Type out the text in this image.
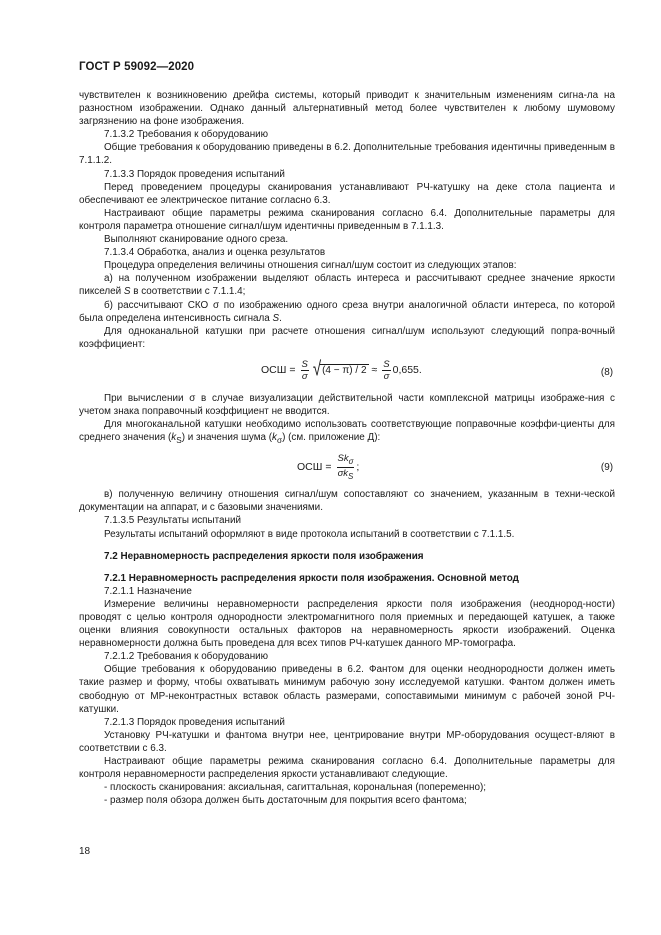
ГОСТ Р 59092—2020

чувствителен к возникновению дрейфа системы, который приводит к значительным изменениям сигна-ла на разностном изображении. Однако данный альтернативный метод более чувствителен к любому шумовому загрязнению на фоне изображения.

7.1.3.2 Требования к оборудованию

Общие требования к оборудованию приведены в 6.2. Дополнительные требования идентичны приведенным в 7.1.1.2.

7.1.3.3 Порядок проведения испытаний

Перед проведением процедуры сканирования устанавливают РЧ-катушку на деке стола пациента и обеспечивают ее электрическое питание согласно 6.3.

Настраивают общие параметры режима сканирования согласно 6.4. Дополнительные параметры для контроля параметра отношение сигнал/шум идентичны приведенным в 7.1.1.3.

Выполняют сканирование одного среза.

7.1.3.4 Обработка, анализ и оценка результатов

Процедура определения величины отношения сигнал/шум состоит из следующих этапов:

а) на полученном изображении выделяют область интереса и рассчитывают среднее значение яркости пикселей S в соответствии с 7.1.1.4;

б) рассчитывают СКО σ по изображению одного среза внутри аналогичной области интереса, по которой была определена интенсивность сигнала S.

Для одноканальной катушки при расчете отношения сигнал/шум используют следующий попра-вочный коэффициент:

ОСШ = $\frac{S}{\sigma}$ √ $(4 - \pi) / 2 \approx \frac{S}{\sigma} 0,655$.	(8)

При вычислении σ в случае визуализации действительной части комплексной матрицы изображе-ния с учетом знака поправочный коэффициент не вводится.

Для многоканальной катушки необходимо использовать соответствующие поправочные коэффи-циенты для среднего значения $(k_S)$ и значения шума $(k_\sigma)$ (см. приложение Д):

ОСШ = $\frac{Sk_\sigma}{\sigma k_S}$ ;	(9)

в) полученную величину отношения сигнал/шум сопоставляют со значением, указанным в техни-ческой документации на аппарат, и с базовыми значениями.

7.1.3.5 Результаты испытаний

Результаты испытаний оформляют в виде протокола испытаний в соответствии с 7.1.1.5.

7.2 Неравномерность распределения яркости поля изображения

7.2.1 Неравномерность распределения яркости поля изображения. Основной метод

7.2.1.1 Назначение

Измерение величины неравномерности распределения яркости поля изображения (неоднород-ности) проводят с целью контроля однородности электромагнитного поля приемных и передающей катушек, а также оценки влияния совокупности остальных факторов на неравномерность яркости изображений. Оценка неравномерности должна быть проведена для всех типов РЧ-катушек данного МР-томографа.

7.2.1.2 Требования к оборудованию

Общие требования к оборудованию приведены в 6.2. Фантом для оценки неоднородности должен иметь такие размер и форму, чтобы охватывать минимум рабочую зону исследуемой катушки. Фантом должен иметь свободную от МР-неконтрастных вставок область размерами, сопоставимыми минимум с рабочей зоной РЧ-катушки.

7.2.1.3 Порядок проведения испытаний

Установку РЧ-катушки и фантома внутри нее, центрирование внутри МР-оборудования осущест-вляют в соответствии с 6.3.

Настраивают общие параметры режима сканирования согласно 6.4. Дополнительные параметры для контроля неравномерности распределения яркости устанавливают следующие.

- плоскость сканирования: аксиальная, сагиттальная, корональная (попеременно);

- размер поля обзора должен быть достаточным для покрытия всего фантома;

18
